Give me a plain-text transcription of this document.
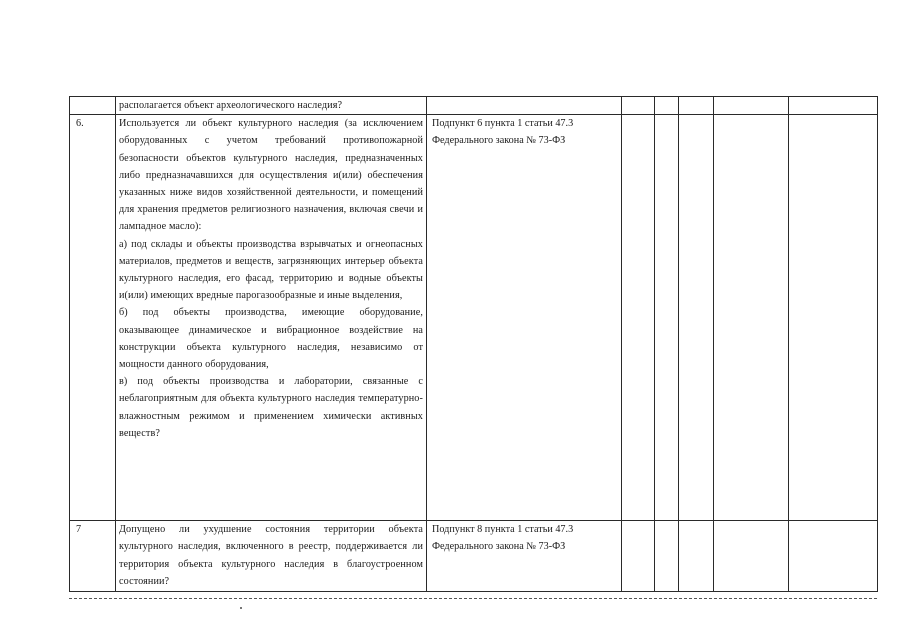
	располагается объект археологического наследия?						
6.	Используется ли объект культурного наследия (за исключением оборудованных с учетом требований противопожарной безопасности объектов культурного наследия, предназначенных либо предназначавшихся для осуществления и(или) обеспечения указанных ниже видов хозяйственной деятельности, и помещений для хранения предметов религиозного назначения, включая свечи и лампадное масло):

а) под склады и объекты производства взрывчатых и огнеопасных материалов, предметов и веществ, загрязняющих интерьер объекта культурного наследия, его фасад, территорию и водные объекты и(или) имеющих вредные парогазообразные и иные выделения,

б) под объекты производства, имеющие оборудование, оказывающее динамическое и вибрационное воздействие на конструкции объекта культурного наследия, независимо от мощности данного оборудования,

в) под объекты производства и лаборатории, связанные с неблагоприятным для объекта культурного наследия температурно-влажностным режимом и применением химически активных веществ?	Подпункт 6 пункта 1 статьи 47.3 Федерального закона № 73-ФЗ					
7	Допущено ли ухудшение состояния территории объекта культурного наследия, включенного в реестр, поддерживается ли территория объекта культурного наследия в благоустроенном состоянии?	Подпункт 8 пункта 1 статьи 47.3 Федерального закона № 73-ФЗ					
